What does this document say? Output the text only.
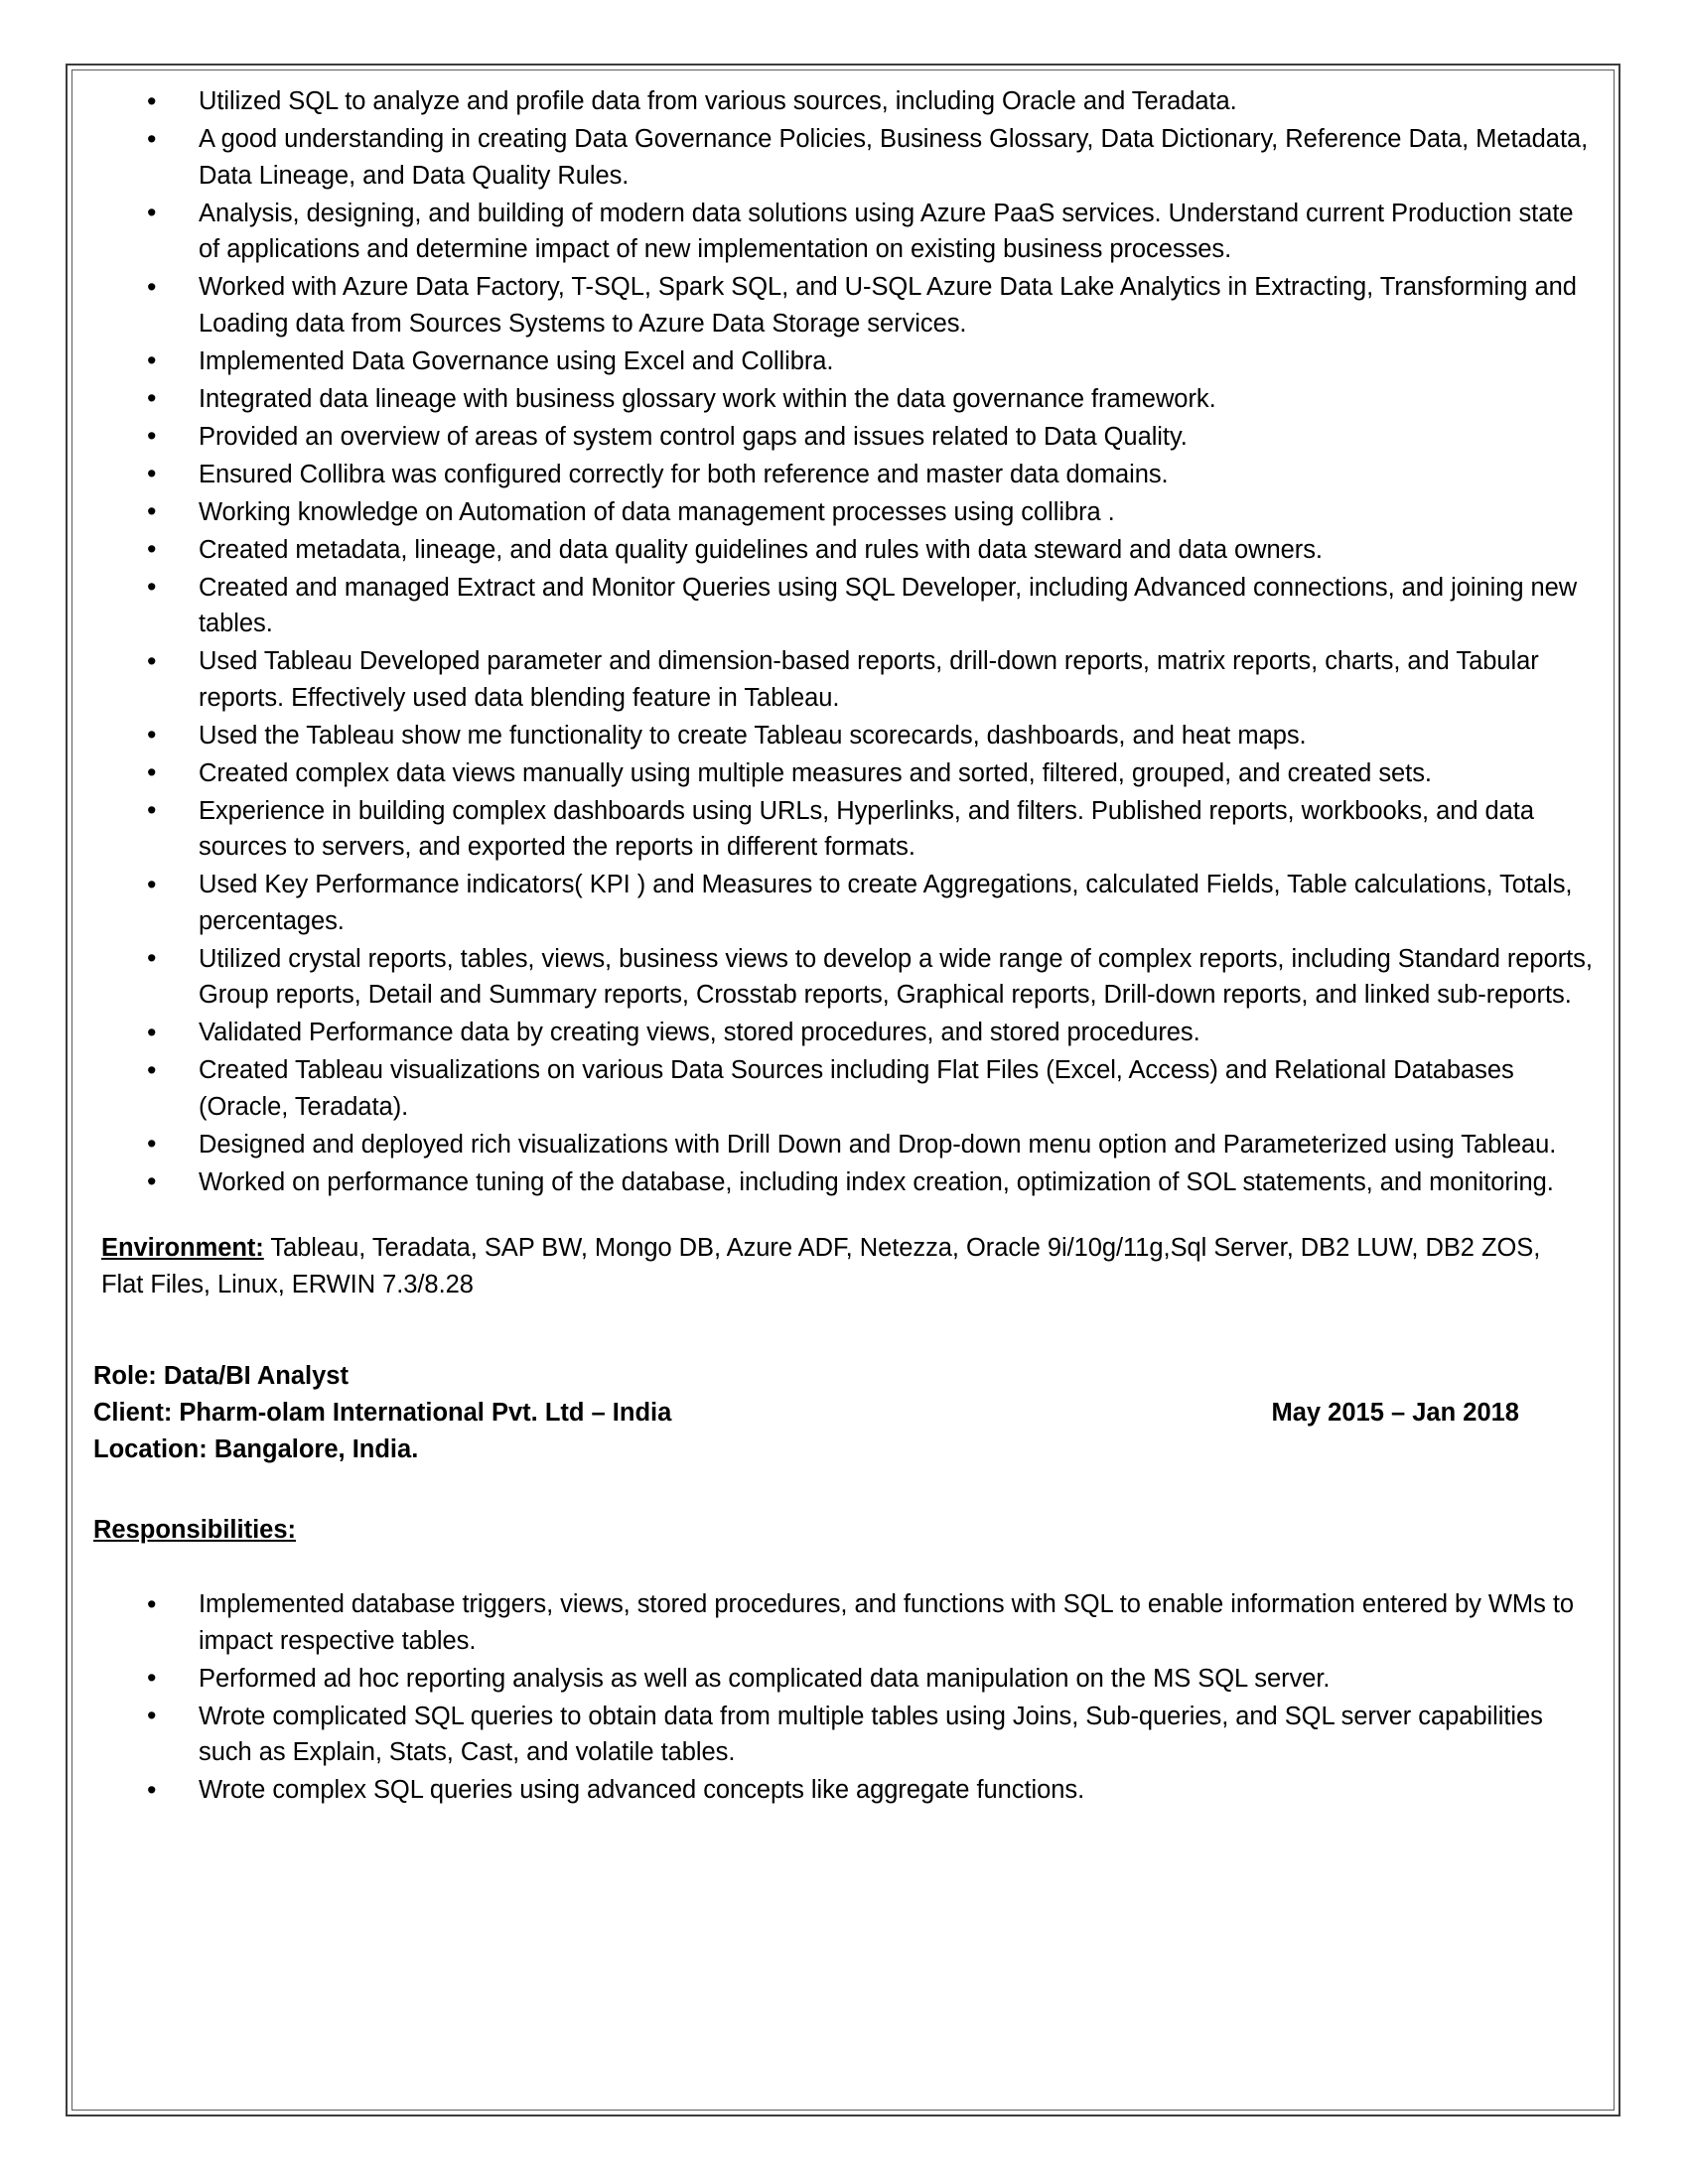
• Utilized SQL to analyze and profile data from various sources, including Oracle and Teradata.
• A good understanding in creating Data Governance Policies, Business Glossary, Data Dictionary, Reference Data, Metadata, Data Lineage, and Data Quality Rules.
• Analysis, designing, and building of modern data solutions using Azure PaaS services. Understand current Production state of applications and determine impact of new implementation on existing business processes.
• Worked with Azure Data Factory, T-SQL, Spark SQL, and U-SQL Azure Data Lake Analytics in Extracting, Transforming and Loading data from Sources Systems to Azure Data Storage services.
• Implemented Data Governance using Excel and Collibra.
• Integrated data lineage with business glossary work within the data governance framework.
• Provided an overview of areas of system control gaps and issues related to Data Quality.
• Ensured Collibra was configured correctly for both reference and master data domains.
• Working knowledge on Automation of data management processes using collibra .
• Created metadata, lineage, and data quality guidelines and rules with data steward and data owners.
• Created and managed Extract and Monitor Queries using SQL Developer, including Advanced connections, and joining new tables.
• Used Tableau Developed parameter and dimension-based reports, drill-down reports, matrix reports, charts, and Tabular reports. Effectively used data blending feature in Tableau.
• Used the Tableau show me functionality to create Tableau scorecards, dashboards, and heat maps.
• Created complex data views manually using multiple measures and sorted, filtered, grouped, and created sets.
• Experience in building complex dashboards using URLs, Hyperlinks, and filters. Published reports, workbooks, and data sources to servers, and exported the reports in different formats.
• Used Key Performance indicators( KPI ) and Measures to create Aggregations, calculated Fields, Table calculations, Totals, percentages.
• Utilized crystal reports, tables, views, business views to develop a wide range of complex reports, including Standard reports, Group reports, Detail and Summary reports, Crosstab reports, Graphical reports, Drill-down reports, and linked sub-reports.
• Validated Performance data by creating views, stored procedures, and stored procedures.
• Created Tableau visualizations on various Data Sources including Flat Files (Excel, Access) and Relational Databases (Oracle, Teradata).
• Designed and deployed rich visualizations with Drill Down and Drop-down menu option and Parameterized using Tableau.
• Worked on performance tuning of the database, including index creation, optimization of SOL statements, and monitoring.
Environment: Tableau, Teradata, SAP BW, Mongo DB, Azure ADF, Netezza, Oracle 9i/10g/11g,Sql Server, DB2 LUW, DB2 ZOS, Flat Files, Linux, ERWIN 7.3/8.28
Role: Data/BI Analyst
Client: Pharm-olam International Pvt. Ltd – India	May 2015 – Jan 2018
Location: Bangalore, India.
Responsibilities:
• Implemented database triggers, views, stored procedures, and functions with SQL to enable information entered by WMs to impact respective tables.
• Performed ad hoc reporting analysis as well as complicated data manipulation on the MS SQL server.
• Wrote complicated SQL queries to obtain data from multiple tables using Joins, Sub-queries, and SQL server capabilities such as Explain, Stats, Cast, and volatile tables.
• Wrote complex SQL queries using advanced concepts like aggregate functions.
